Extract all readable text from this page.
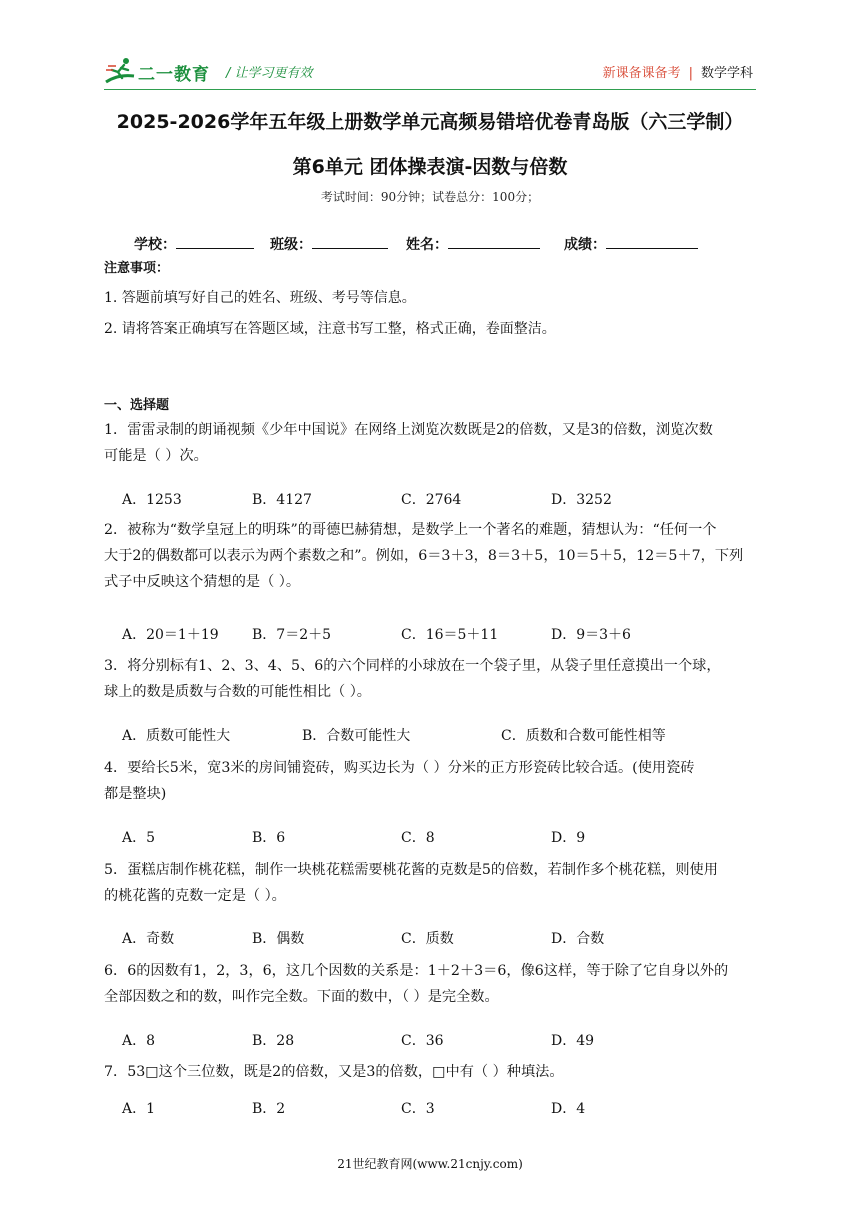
二一教育 / 让学习更有效	新课备课备考 | 数学学科
2025-2026学年五年级上册数学单元高频易错培优卷青岛版（六三学制）
第6单元 团体操表演-因数与倍数
考试时间：90分钟；试卷总分：100分；
学校：	班级：	姓名：	成绩：
注意事项：
1. 答题前填写好自己的姓名、班级、考号等信息。
2. 请将答案正确填写在答题区域，注意书写工整，格式正确，卷面整洁。
一、选择题
1．雷雷录制的朗诵视频《少年中国说》在网络上浏览次数既是2的倍数，又是3的倍数，浏览次数
可能是（ ）次。
A．1253	B．4127	C．2764	D．3252
2．被称为“数学皇冠上的明珠”的哥德巴赫猜想，是数学上一个著名的难题，猜想认为：“任何一个
大于2的偶数都可以表示为两个素数之和”。例如，6＝3＋3，8＝3＋5，10＝5＋5，12＝5＋7，下列
式子中反映这个猜想的是（ ）。
A．20＝1＋19 B．7＝2＋5	C．16＝5＋11	D．9＝3＋6
3．将分别标有1、2、3、4、5、6的六个同样的小球放在一个袋子里，从袋子里任意摸出一个球，
球上的数是质数与合数的可能性相比（ ）。
A．质数可能性大	B．合数可能性大	C．质数和合数可能性相等
4．要给长5米，宽3米的房间铺瓷砖，购买边长为（ ）分米的正方形瓷砖比较合适。(使用瓷砖
都是整块)
A．5	B．6	C．8	D．9
5．蛋糕店制作桃花糕，制作一块桃花糕需要桃花酱的克数是5的倍数，若制作多个桃花糕，则使用
的桃花酱的克数一定是（ ）。
A．奇数	B．偶数	C．质数	D．合数
6．6的因数有1，2，3，6，这几个因数的关系是：1＋2＋3＝6，像6这样，等于除了它自身以外的
全部因数之和的数，叫作完全数。下面的数中，（ ）是完全数。
A．8	B．28	C．36	D．49
7．53□这个三位数，既是2的倍数，又是3的倍数，□中有（ ）种填法。
A．1	B．2	C．3	D．4
21世纪教育网(www.21cnjy.com)
